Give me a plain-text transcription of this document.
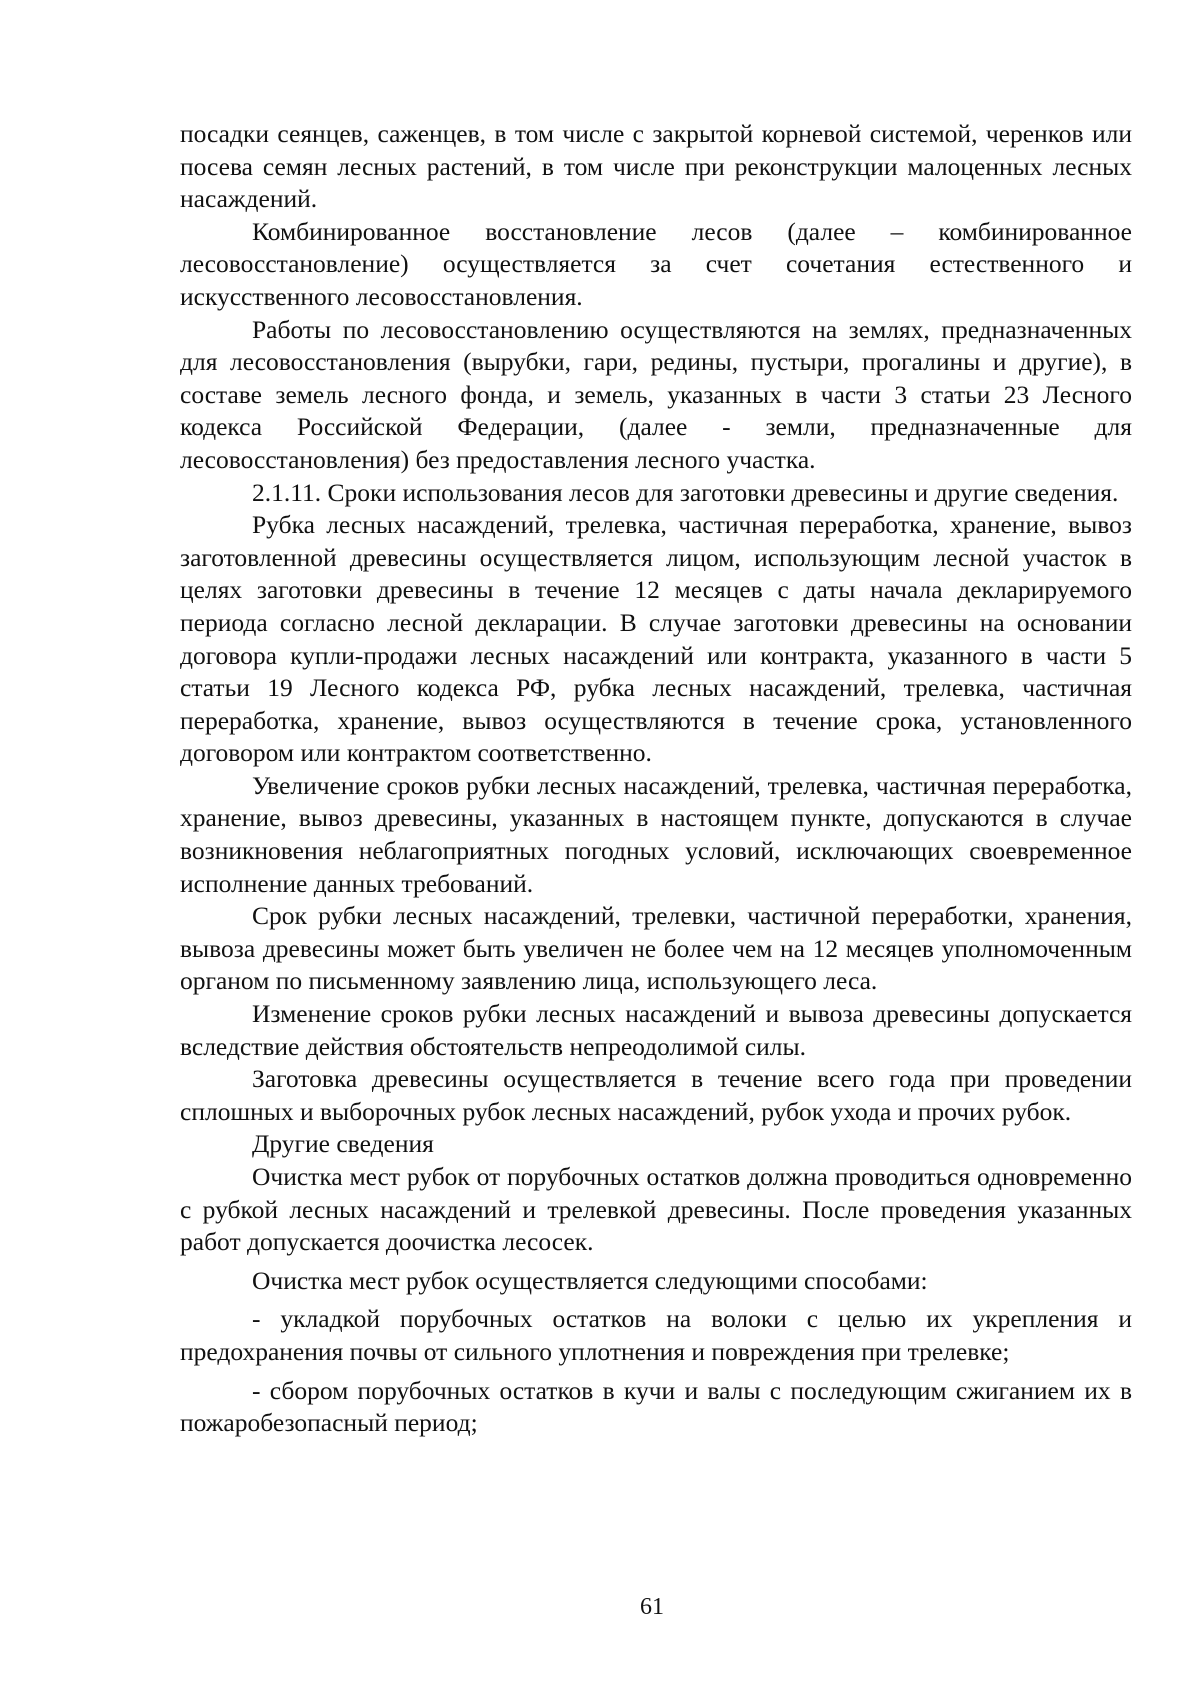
посадки сеянцев, саженцев, в том числе с закрытой корневой системой, черенков или посева семян лесных растений, в том числе при реконструкции малоценных лесных насаждений.

Комбинированное восстановление лесов (далее – комбинированное лесовосстановление) осуществляется за счет сочетания естественного и искусственного лесовосстановления.

Работы по лесовосстановлению осуществляются на землях, предназначенных для лесовосстановления (вырубки, гари, редины, пустыри, прогалины и другие), в составе земель лесного фонда, и земель, указанных в части 3 статьи 23 Лесного кодекса Российской Федерации, (далее - земли, предназначенные для лесовосстановления) без предоставления лесного участка.

2.1.11. Сроки использования лесов для заготовки древесины и другие сведения.

Рубка лесных насаждений, трелевка, частичная переработка, хранение, вывоз заготовленной древесины осуществляется лицом, использующим лесной участок в целях заготовки древесины в течение 12 месяцев с даты начала декларируемого периода согласно лесной декларации. В случае заготовки древесины на основании договора купли-продажи лесных насаждений или контракта, указанного в части 5 статьи 19 Лесного кодекса РФ, рубка лесных насаждений, трелевка, частичная переработка, хранение, вывоз осуществляются в течение срока, установленного договором или контрактом соответственно.

Увеличение сроков рубки лесных насаждений, трелевка, частичная переработка, хранение, вывоз древесины, указанных в настоящем пункте, допускаются в случае возникновения неблагоприятных погодных условий, исключающих своевременное исполнение данных требований.

Срок рубки лесных насаждений, трелевки, частичной переработки, хранения, вывоза древесины может быть увеличен не более чем на 12 месяцев уполномоченным органом по письменному заявлению лица, использующего леса.

Изменение сроков рубки лесных насаждений и вывоза древесины допускается вследствие действия обстоятельств непреодолимой силы.

Заготовка древесины осуществляется в течение всего года при проведении сплошных и выборочных рубок лесных насаждений, рубок ухода и прочих рубок.

Другие сведения

Очистка мест рубок от порубочных остатков должна проводиться одновременно с рубкой лесных насаждений и трелевкой древесины. После проведения указанных работ допускается доочистка лесосек.

Очистка мест рубок осуществляется следующими способами:

- укладкой порубочных остатков на волоки с целью их укрепления и предохранения почвы от сильного уплотнения и повреждения при трелевке;

- сбором порубочных остатков в кучи и валы с последующим сжиганием их в пожаробезопасный период;

61
